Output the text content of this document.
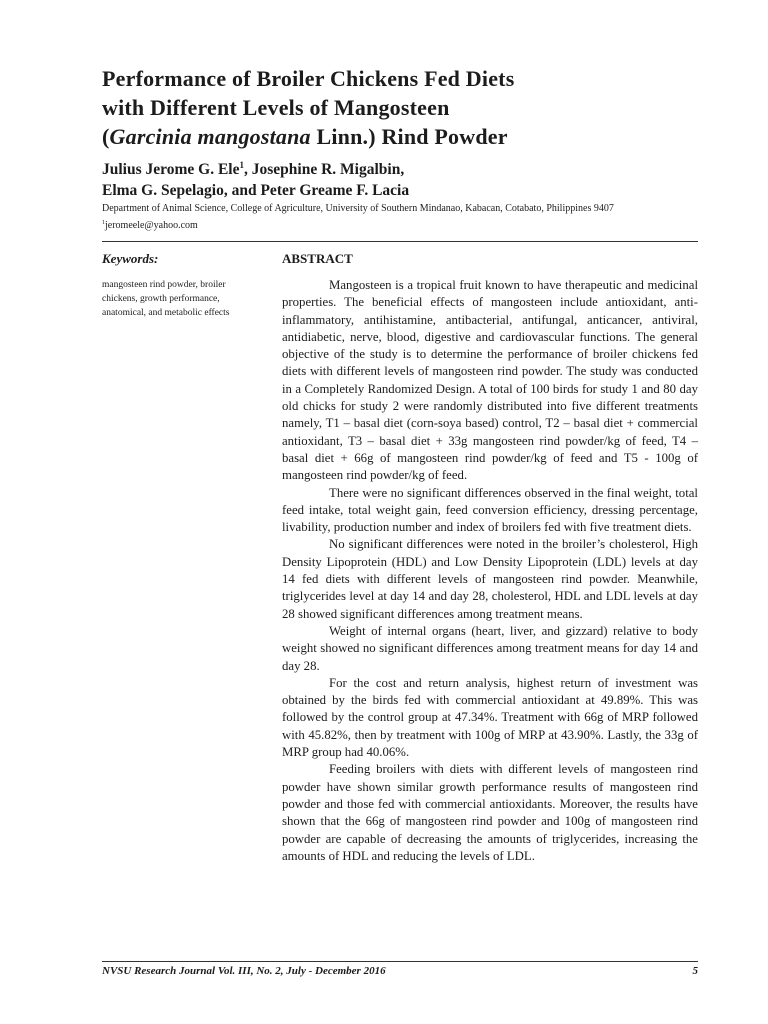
Performance of Broiler Chickens Fed Diets
with Different Levels of Mangosteen
(Garcinia mangostana Linn.) Rind Powder
Julius Jerome G. Ele$^1$, Josephine R. Migalbin,
Elma G. Sepelagio, and Peter Greame F. Lacia
Department of Animal Science, College of Agriculture, University of Southern Mindanao, Kabacan, Cotabato, Philippines 9407
$^1$jeromeele@yahoo.com
Keywords:
mangosteen rind powder, broiler
chickens, growth performance,
anatomical, and metabolic effects
ABSTRACT

Mangosteen is a tropical fruit known to have therapeutic and medicinal properties. The beneficial effects of mangosteen include antioxidant, anti-inflammatory, antihistamine, antibacterial, antifungal, anticancer, antiviral, antidiabetic, nerve, blood, digestive and cardiovascular functions. The general objective of the study is to determine the performance of broiler chickens fed diets with different levels of mangosteen rind powder. The study was conducted in a Completely Randomized Design. A total of 100 birds for study 1 and 80 day old chicks for study 2 were randomly distributed into five different treatments namely, T1 – basal diet (corn-soya based) control, T2 – basal diet + commercial antioxidant, T3 – basal diet + 33g mangosteen rind powder/kg of feed, T4 – basal diet + 66g of mangosteen rind powder/kg of feed and T5 - 100g of mangosteen rind powder/kg of feed.

There were no significant differences observed in the final weight, total feed intake, total weight gain, feed conversion efficiency, dressing percentage, livability, production number and index of broilers fed with five treatment diets.

No significant differences were noted in the broiler’s cholesterol, High Density Lipoprotein (HDL) and Low Density Lipoprotein (LDL) levels at day 14 fed diets with different levels of mangosteen rind powder. Meanwhile, triglycerides level at day 14 and day 28, cholesterol, HDL and LDL levels at day 28 showed significant differences among treatment means.

Weight of internal organs (heart, liver, and gizzard) relative to body weight showed no significant differences among treatment means for day 14 and day 28.

For the cost and return analysis, highest return of investment was obtained by the birds fed with commercial antioxidant at 49.89%. This was followed by the control group at 47.34%. Treatment with 66g of MRP followed with 45.82%, then by treatment with 100g of MRP at 43.90%. Lastly, the 33g of MRP group had 40.06%.

Feeding broilers with diets with different levels of mangosteen rind powder have shown similar growth performance results of mangosteen rind powder and those fed with commercial antioxidants. Moreover, the results have shown that the 66g of mangosteen rind powder and 100g of mangosteen rind powder are capable of decreasing the amounts of triglycerides, increasing the amounts of HDL and reducing the levels of LDL.

NVSU Research Journal Vol. III, No. 2, July - December 2016	5
